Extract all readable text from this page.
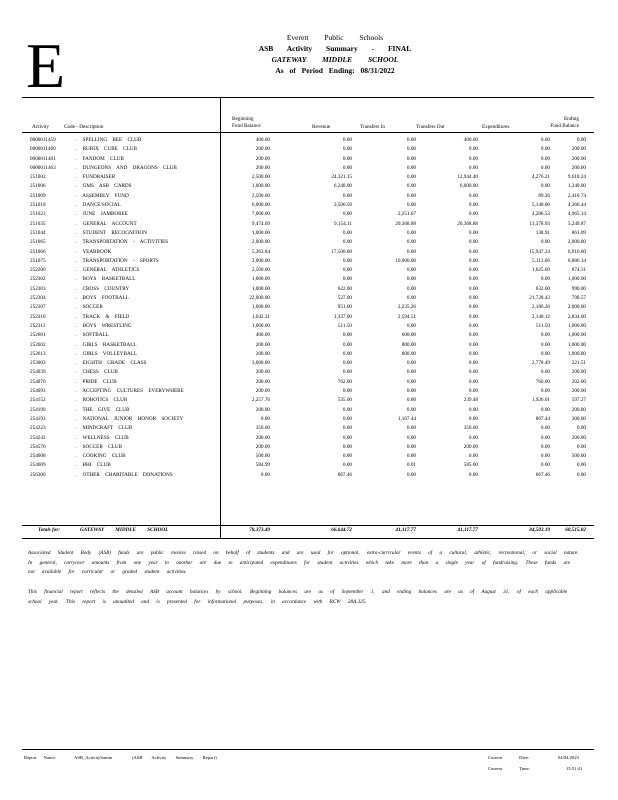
E	Everett Public Schools
ASB Activity Summary - FINAL
GATEWAY MIDDLE SCHOOL
As of Period Ending: 08/31/2022
Activity	Code - Description
Beginning
Fund Balance	Revenue	Transfers In	Transfers Out	Expenditures
Ending
Fund Balance
0000011459	. SPELLING BEE CLUB	400.00	0.00	0.00	400.00	0.00	0.00
0000011460	. RUBIX CUBE CLUB	200.00	0.00	0.00	0.00	0.00	200.00
0000011461	. FANDOM CLUB	200.00	0.00	0.00	0.00	0.00	200.00
0000011463	. DUNGEONS AND DRAGONS CLUB	200.00	0.00	0.00	0.00	0.00	200.00
251002	. FUNDRAISER	2,500.00	24,321.15	0.00	12,944.40	4,276.21	9,610.24
251006	. GMS ASB CARDS	1,000.00	6,240.00	0.00	6,000.00	0.00	1,240.00
251009	. ASSEMBLY FUND	2,500.00	0.00	0.00	0.00	89.26	2,410.74
251018	. DANCE/SOCIAL	6,000.00	3,506.50	0.00	0.00	5,140.06	4,366.44
251022	. JUNE JAMBOREE	7,000.00	0.00	2,251.67	0.00	4,286.53	4,965.14
251035	. GENERAL ACCOUNT	9,474.69	9,154.11	20,368.88	20,368.88	13,378.93	5,249.87
251044	. STUDENT RECOGNITION	1,000.00	0.00	0.00	0.00	138.91	861.09
251065	. TRANSPORTATION - ACTIVITIES	2,000.00	0.00	0.00	0.00	0.00	2,000.00
251066	. YEARBOOK	5,363.84	17,500.00	0.00	0.00	15,947.24	6,916.60
251075	. TRANSPORTATION - SPORTS	2,000.00	0.00	10,000.00	0.00	5,113.66	6,886.34
252200	. GENERAL ATHLETICS	2,500.00	0.00	0.00	0.00	1,625.69	874.31
252302	. BOYS BASKETBALL	1,000.00	0.00	0.00	0.00	0.00	1,000.00
252303	. CROSS COUNTRY	1,000.00	622.00	0.00	0.00	632.00	990.00
252304	. BOYS FOOTBALL	22,000.00	527.00	0.00	0.00	21,728.43	798.57
252307	. SOCCER	1,000.00	951.00	2,235.26	0.00	2,186.26	2,000.00
252310	. TRACK & FIELD	1,042.31	1,337.00	2,594.51	0.00	2,140.12	2,834.60
252312	. BOYS WRESTLING	1,000.00	511.50	0.00	0.00	511.50	1,000.00
252601	. SOFTBALL	400.00	0.00	600.00	0.00	0.00	1,000.00
252602	. GIRLS BASKETBALL	200.00	0.00	800.00	0.00	0.00	1,000.00
252613	. GIRLS VOLLEYBALL	200.00	0.00	800.00	0.00	0.00	1,000.00
253003	. EIGHTH GRADE CLASS	3,000.00	0.00	0.00	0.00	2,778.49	221.51
254039	. CHESS CLUB	200.00	0.00	0.00	0.00	0.00	200.00
254070	. PRIDE CLUB	200.00	762.00	0.00	0.00	760.00	202.00
254093	. ACCEPTING CULTURES EVERYWHERE	200.00	0.00	0.00	0.00	0.00	200.00
254152	. ROBOTICS CLUB	2,257.76	535.00	0.00	239.48	1,926.01	597.27
254190	. THE GIVE CLUB	200.00	0.00	0.00	0.00	0.00	200.00
254193	. NATIONAL JUNIOR HONOR SOCIETY	0.00	0.00	1,167.44	0.00	867.44	300.00
254223	. MINDCRAFT CLUB	350.00	0.00	0.00	350.00	0.00	0.00
254242	. WELLNESS CLUB	200.00	0.00	0.00	0.00	0.00	200.00
254570	. SOCCER CLUB	200.00	0.00	0.00	200.00	0.00	0.00
254608	. COOKING CLUB	500.00	0.00	0.00	0.00	0.00	500.00
254609	. BHI CLUB	584.99	0.00	0.01	585.00	0.00	0.00
256300	. OTHER CHARITABLE DONATIONS	0.00	667.46	0.00	0.00	667.46	0.00
Totals for:	GATEWAY MIDDLE SCHOOL	78,373.49	66,644.72	41,117.77	41,117.77	84,503.19	60,515.02
Associated Student Body (ASB) funds are public monies raised on behalf of students and are used for optional, extra-curricular events of a cultural, athletic, recreational, or social nature. In general, carryover amounts from one year to another are due to anticipated expenditures for student activities which take more than a single year of fundraising. These funds are not available for curricular or graded student activities.
This financial report reflects the detailed ASB account balances by school. Beginning balances are as of September 1, and ending balances are as of August 31, of each applicable school year. This report is unaudited and is presented for informational purposes, in accordance with RCW 28A.325.
Report Name:	ASB_ActivitySumm	(ASB Activity Summary Report)	Current Date:	04/04/2023
Current Time:	15:51:41
